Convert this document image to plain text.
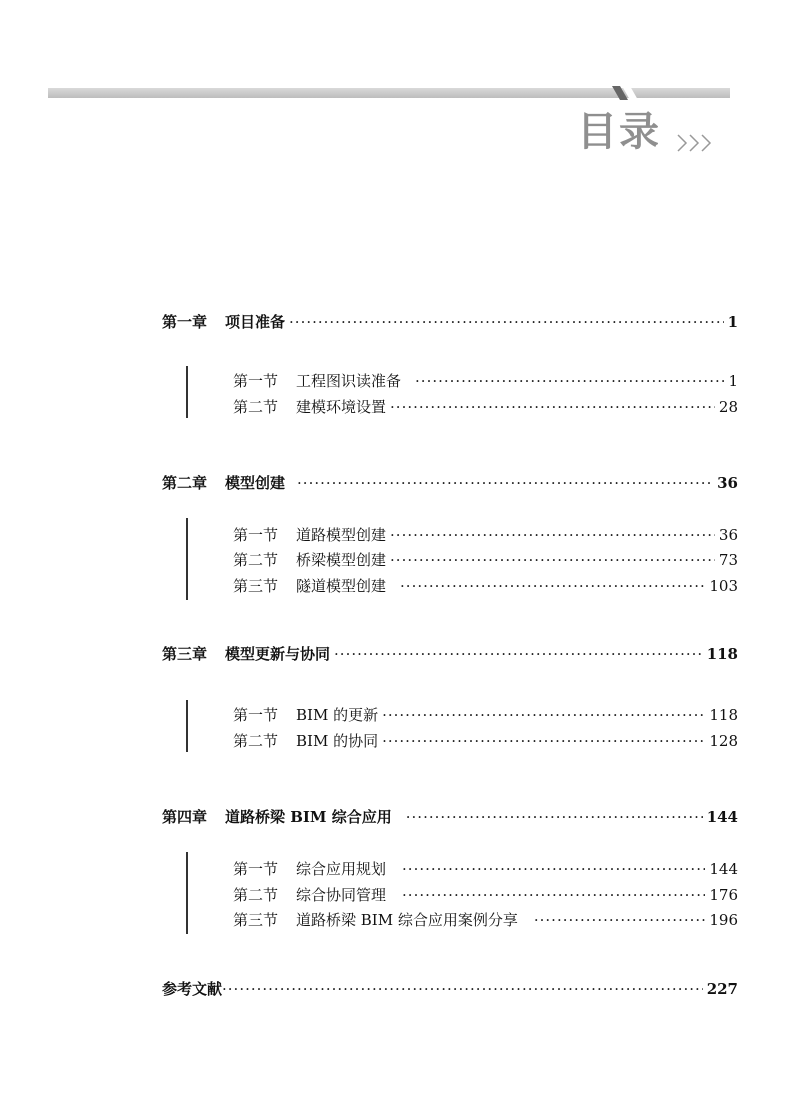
目录
第一章 项目准备 ·····	1
第一节 工程图识读准备 ·····	1
第二节 建模环境设置 ·····	28
第二章 模型创建 ·····	36
第一节 道路模型创建 ·····	36
第二节 桥梁模型创建 ·····	73
第三节 隧道模型创建 ·····	103
第三章 模型更新与协同 ·····	118
第一节 BIM 的更新 ·····	118
第二节 BIM 的协同 ·····	128
第四章 道路桥梁 BIM 综合应用 ·····	144
第一节 综合应用规划 ·····	144
第二节 综合协同管理 ·····	176
第三节 道路桥梁 BIM 综合应用案例分享 ·····	196
参考文献 ·····	227
